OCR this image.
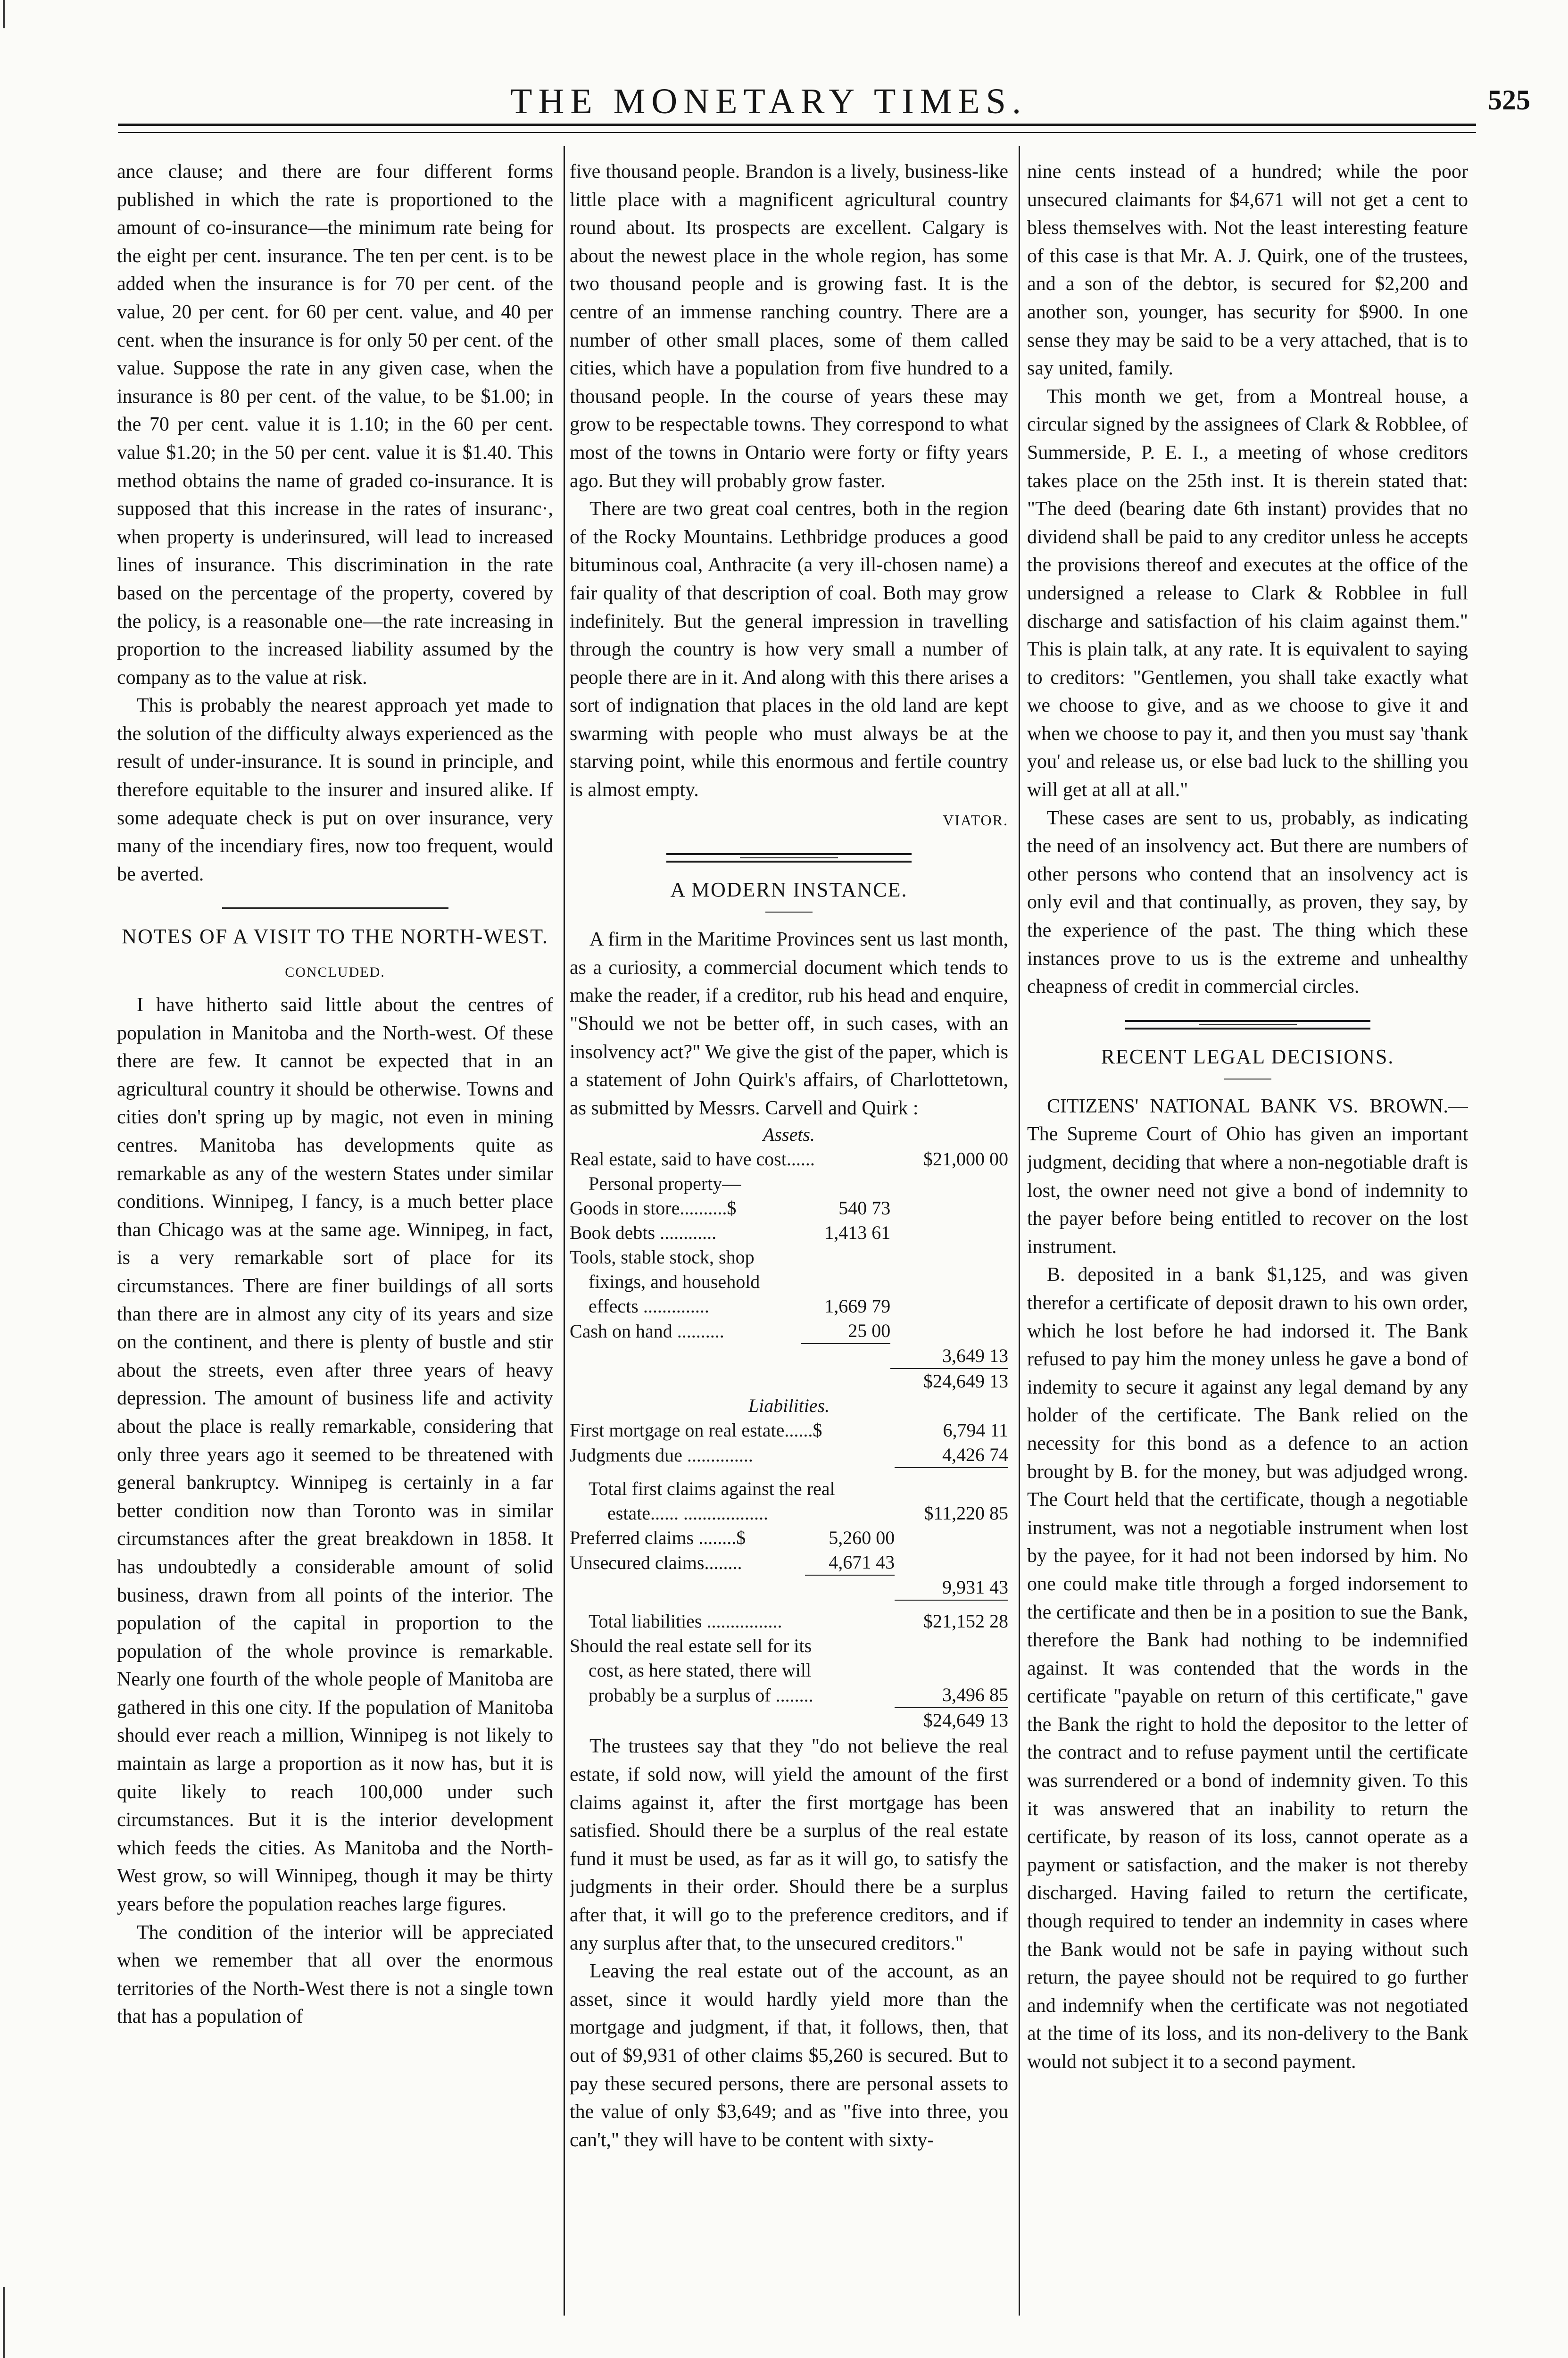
THE MONETARY TIMES.	525

ance clause; and there are four different forms published in which the rate is proportioned to the amount of co-insurance—the minimum rate being for the eight per cent. insurance. The ten per cent. is to be added when the insurance is for 70 per cent. of the value, 20 per cent. for 60 per cent. value, and 40 per cent. when the insurance is for only 50 per cent. of the value. Suppose the rate in any given case, when the insurance is 80 per cent. of the value, to be $1.00; in the 70 per cent. value it is 1.10; in the 60 per cent. value $1.20; in the 50 per cent. value it is $1.40. This method obtains the name of graded co-insurance. It is supposed that this increase in the rates of insuranc·, when property is underinsured, will lead to increased lines of insurance. This discrimination in the rate based on the percentage of the property, covered by the policy, is a reasonable one—the rate increasing in proportion to the increased liability assumed by the company as to the value at risk.

This is probably the nearest approach yet made to the solution of the difficulty always experienced as the result of under-insurance. It is sound in principle, and therefore equitable to the insurer and insured alike. If some adequate check is put on over insurance, very many of the incendiary fires, now too frequent, would be averted.

NOTES OF A VISIT TO THE NORTH-WEST.
CONCLUDED.

I have hitherto said little about the centres of population in Manitoba and the North-west. Of these there are few. It cannot be expected that in an agricultural country it should be otherwise. Towns and cities don't spring up by magic, not even in mining centres. Manitoba has developments quite as remarkable as any of the western States under similar conditions. Winnipeg, I fancy, is a much better place than Chicago was at the same age. Winnipeg, in fact, is a very remarkable sort of place for its circumstances. There are finer buildings of all sorts than there are in almost any city of its years and size on the continent, and there is plenty of bustle and stir about the streets, even after three years of heavy depression. The amount of business life and activity about the place is really remarkable, considering that only three years ago it seemed to be threatened with general bankruptcy. Winnipeg is certainly in a far better condition now than Toronto was in similar circumstances after the great breakdown in 1858. It has undoubtedly a considerable amount of solid business, drawn from all points of the interior. The population of the capital in proportion to the population of the whole province is remarkable. Nearly one fourth of the whole people of Manitoba are gathered in this one city. If the population of Manitoba should ever reach a million, Winnipeg is not likely to maintain as large a proportion as it now has, but it is quite likely to reach 100,000 under such circumstances. But it is the interior development which feeds the cities. As Manitoba and the North-West grow, so will Winnipeg, though it may be thirty years before the population reaches large figures.

The condition of the interior will be appreciated when we remember that all over the enormous territories of the North-West there is not a single town that has a population of

five thousand people. Brandon is a lively, business-like little place with a magnificent agricultural country round about. Its prospects are excellent. Calgary is about the newest place in the whole region, has some two thousand people and is growing fast. It is the centre of an immense ranching country. There are a number of other small places, some of them called cities, which have a population from five hundred to a thousand people. In the course of years these may grow to be respectable towns. They correspond to what most of the towns in Ontario were forty or fifty years ago. But they will probably grow faster.

There are two great coal centres, both in the region of the Rocky Mountains. Lethbridge produces a good bituminous coal, Anthracite (a very ill-chosen name) a fair quality of that description of coal. Both may grow indefinitely. But the general impression in travelling through the country is how very small a number of people there are in it. And along with this there arises a sort of indignation that places in the old land are kept swarming with people who must always be at the starving point, while this enormous and fertile country is almost empty.

VIATOR.
A MODERN INSTANCE.

A firm in the Maritime Provinces sent us last month, as a curiosity, a commercial document which tends to make the reader, if a creditor, rub his head and enquire, "Should we not be better off, in such cases, with an insolvency act?" We give the gist of the paper, which is a statement of John Quirk's affairs, of Charlottetown, as submitted by Messrs. Carvell and Quirk :

Assets.
Real estate, said to have cost......		$21,000 00
Personal property—		
Goods in store..........$	540 73	
Book debts ............	1,413 61	
Tools, stable stock, shop		
fixings, and household		
effects ..............	1,669 79	
Cash on hand ..........	25 00	
		3,649 13
		$24,649 13
Liabilities.
First mortgage on real estate......$		6,794 11
Judgments due ..............		4,426 74

Total first claims against the real		
estate...... ..................		$11,220 85
Preferred claims ........$	5,260 00	
Unsecured claims........	4,671 43	
		9,931 43

Total liabilities ................		$21,152 28
Should the real estate sell for its		
cost, as here stated, there will		
probably be a surplus of ........		3,496 85
		$24,649 13

The trustees say that they "do not believe the real estate, if sold now, will yield the amount of the first claims against it, after the first mortgage has been satisfied. Should there be a surplus of the real estate fund it must be used, as far as it will go, to satisfy the judgments in their order. Should there be a surplus after that, it will go to the preference creditors, and if any surplus after that, to the unsecured creditors."

Leaving the real estate out of the account, as an asset, since it would hardly yield more than the mortgage and judgment, if that, it follows, then, that out of $9,931 of other claims $5,260 is secured. But to pay these secured persons, there are personal assets to the value of only $3,649; and as "five into three, you can't," they will have to be content with sixty-

nine cents instead of a hundred; while the poor unsecured claimants for $4,671 will not get a cent to bless themselves with. Not the least interesting feature of this case is that Mr. A. J. Quirk, one of the trustees, and a son of the debtor, is secured for $2,200 and another son, younger, has security for $900. In one sense they may be said to be a very attached, that is to say united, family.

This month we get, from a Montreal house, a circular signed by the assignees of Clark & Robblee, of Summerside, P. E. I., a meeting of whose creditors takes place on the 25th inst. It is therein stated that: "The deed (bearing date 6th instant) provides that no dividend shall be paid to any creditor unless he accepts the provisions thereof and executes at the office of the undersigned a release to Clark & Robblee in full discharge and satisfaction of his claim against them." This is plain talk, at any rate. It is equivalent to saying to creditors: "Gentlemen, you shall take exactly what we choose to give, and as we choose to give it and when we choose to pay it, and then you must say 'thank you' and release us, or else bad luck to the shilling you will get at all at all."

These cases are sent to us, probably, as indicating the need of an insolvency act. But there are numbers of other persons who contend that an insolvency act is only evil and that continually, as proven, they say, by the experience of the past. The thing which these instances prove to us is the extreme and unhealthy cheapness of credit in commercial circles.

RECENT LEGAL DECISIONS.

CITIZENS' NATIONAL BANK VS. BROWN.—The Supreme Court of Ohio has given an important judgment, deciding that where a non-negotiable draft is lost, the owner need not give a bond of indemnity to the payer before being entitled to recover on the lost instrument.

B. deposited in a bank $1,125, and was given therefor a certificate of deposit drawn to his own order, which he lost before he had indorsed it. The Bank refused to pay him the money unless he gave a bond of indemity to secure it against any legal demand by any holder of the certificate. The Bank relied on the necessity for this bond as a defence to an action brought by B. for the money, but was adjudged wrong. The Court held that the certificate, though a negotiable instrument, was not a negotiable instrument when lost by the payee, for it had not been indorsed by him. No one could make title through a forged indorsement to the certificate and then be in a position to sue the Bank, therefore the Bank had nothing to be indemnified against. It was contended that the words in the certificate "payable on return of this certificate," gave the Bank the right to hold the depositor to the letter of the contract and to refuse payment until the certificate was surrendered or a bond of indemnity given. To this it was answered that an inability to return the certificate, by reason of its loss, cannot operate as a payment or satisfaction, and the maker is not thereby discharged. Having failed to return the certificate, though required to tender an indemnity in cases where the Bank would not be safe in paying without such return, the payee should not be required to go further and indemnify when the certificate was not negotiated at the time of its loss, and its non-delivery to the Bank would not subject it to a second payment.
